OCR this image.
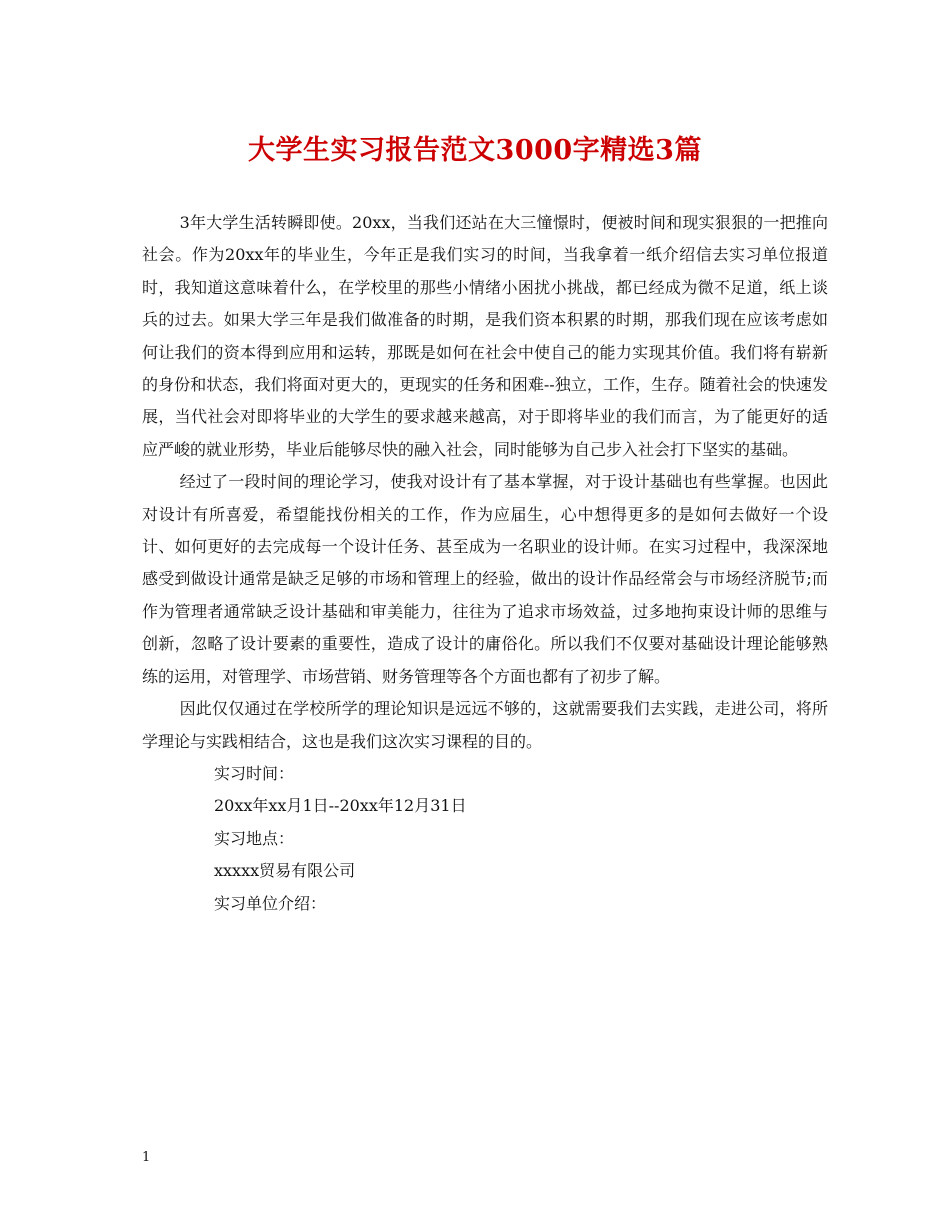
大学生实习报告范文3000字精选3篇

3年大学生活转瞬即使。20xx，当我们还站在大三憧憬时，便被时间和现实狠狠的一把推向社会。作为20xx年的毕业生，今年正是我们实习的时间，当我拿着一纸介绍信去实习单位报道时，我知道这意味着什么，在学校里的那些小情绪小困扰小挑战，都已经成为微不足道，纸上谈兵的过去。如果大学三年是我们做准备的时期，是我们资本积累的时期，那我们现在应该考虑如何让我们的资本得到应用和运转，那既是如何在社会中使自己的能力实现其价值。我们将有崭新的身份和状态，我们将面对更大的，更现实的任务和困难--独立，工作，生存。随着社会的快速发展，当代社会对即将毕业的大学生的要求越来越高，对于即将毕业的我们而言，为了能更好的适应严峻的就业形势，毕业后能够尽快的融入社会，同时能够为自己步入社会打下坚实的基础。

经过了一段时间的理论学习，使我对设计有了基本掌握，对于设计基础也有些掌握。也因此对设计有所喜爱，希望能找份相关的工作，作为应届生，心中想得更多的是如何去做好一个设计、如何更好的去完成每一个设计任务、甚至成为一名职业的设计师。在实习过程中，我深深地感受到做设计通常是缺乏足够的市场和管理上的经验，做出的设计作品经常会与市场经济脱节;而作为管理者通常缺乏设计基础和审美能力，往往为了追求市场效益，过多地拘束设计师的思维与创新，忽略了设计要素的重要性，造成了设计的庸俗化。所以我们不仅要对基础设计理论能够熟练的运用，对管理学、市场营销、财务管理等各个方面也都有了初步了解。

因此仅仅通过在学校所学的理论知识是远远不够的，这就需要我们去实践，走进公司，将所学理论与实践相结合，这也是我们这次实习课程的目的。

实习时间：

20xx年xx月1日--20xx年12月31日

实习地点：

xxxxx贸易有限公司

实习单位介绍：

1
